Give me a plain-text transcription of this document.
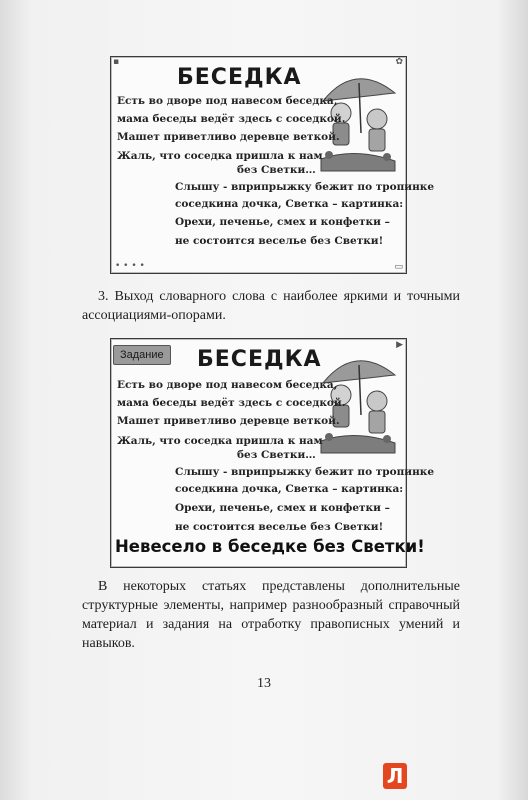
▪	✿
БЕСЕДКА
Есть во дворе под навесом беседка,
мама беседы ведёт здесь с соседкой.
Машет приветливо деревце веткой.
Жаль, что соседка пришла к нам
без Светки…
Слышу - вприпрыжку бежит по тропинке
соседкина дочка, Светка – картинка:
Орехи, печенье, смех и конфетки –
не состоится веселье без Светки!
• • • •	▭
3. Выход словарного слова с наиболее яркими и точными ассоциациями-опорами.
Задание
▶
БЕСЕДКА
Есть во дворе под навесом беседка,
мама беседы ведёт здесь с соседкой.
Машет приветливо деревце веткой.
Жаль, что соседка пришла к нам
без Светки…
Слышу - вприпрыжку бежит по тропинке
соседкина дочка, Светка – картинка:
Орехи, печенье, смех и конфетки –
не состоится веселье без Светки!
Невесело в беседке без Светки!
В некоторых статьях представлены дополнительные структурные элементы, например разнообразный справочный материал и задания на отработку правописных умений и навыков.
13
Л
